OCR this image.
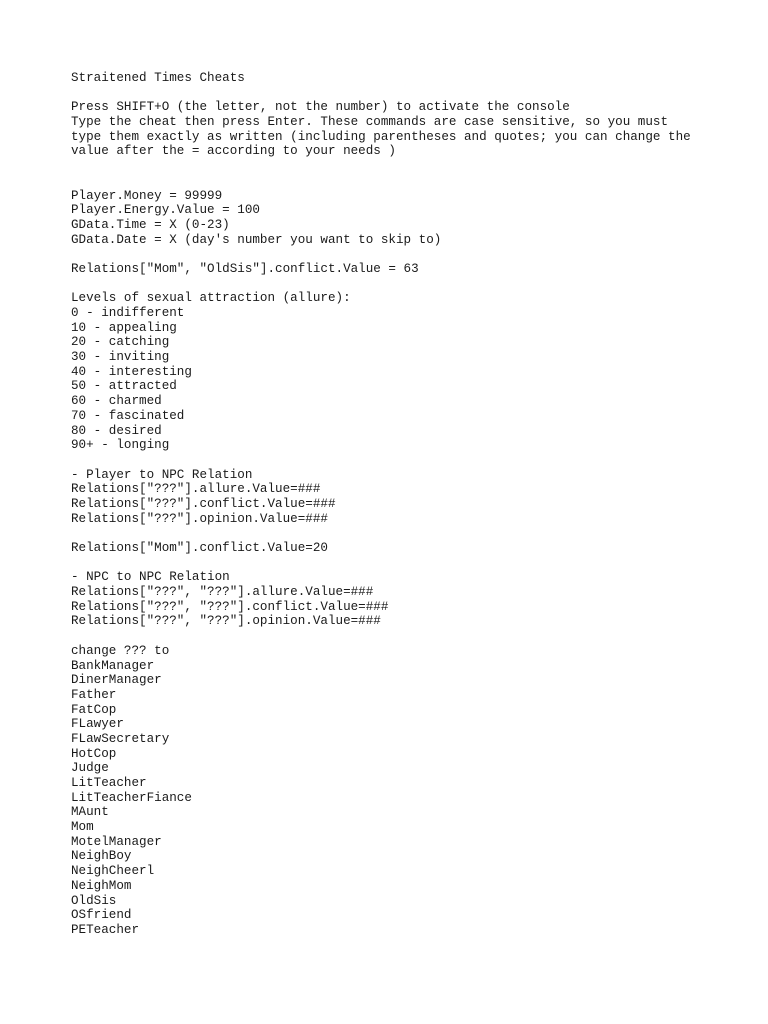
Straitened Times Cheats
Press SHIFT+O (the letter, not the number) to activate the console
Type the cheat then press Enter. These commands are case sensitive, so you must
type them exactly as written (including parentheses and quotes; you can change the
value after the = according to your needs )
Player.Money = 99999
Player.Energy.Value = 100
GData.Time = X (0-23)
GData.Date = X (day's number you want to skip to)
Relations["Mom", "OldSis"].conflict.Value = 63
Levels of sexual attraction (allure):
0 - indifferent
10 - appealing
20 - catching
30 - inviting
40 - interesting
50 - attracted
60 - charmed
70 - fascinated
80 - desired
90+ - longing
- Player to NPC Relation
Relations["???"].allure.Value=###
Relations["???"].conflict.Value=###
Relations["???"].opinion.Value=###
Relations["Mom"].conflict.Value=20
- NPC to NPC Relation
Relations["???", "???"].allure.Value=###
Relations["???", "???"].conflict.Value=###
Relations["???", "???"].opinion.Value=###
change ??? to
BankManager
DinerManager
Father
FatCop
FLawyer
FLawSecretary
HotCop
Judge
LitTeacher
LitTeacherFiance
MAunt
Mom
MotelManager
NeighBoy
NeighCheerl
NeighMom
OldSis
OSfriend
PETeacher
